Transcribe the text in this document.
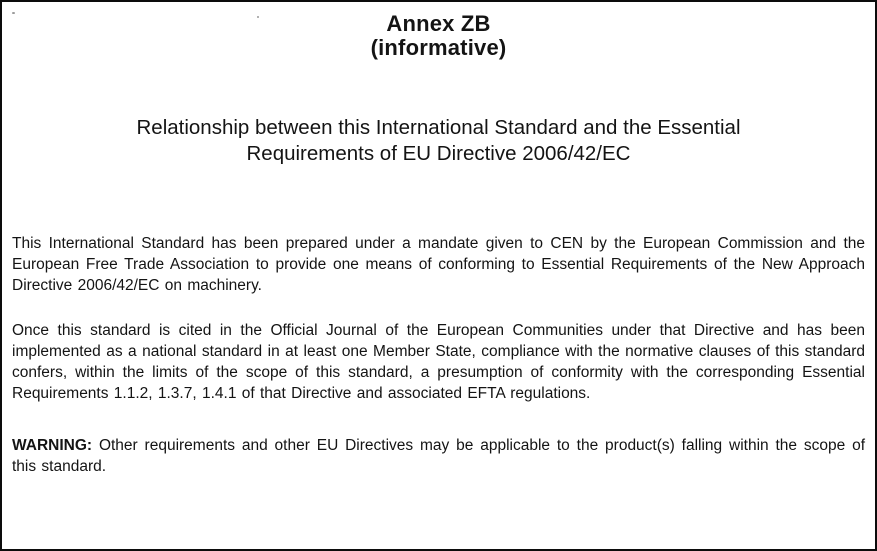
Annex ZB
(informative)
Relationship between this International Standard and the Essential
Requirements of EU Directive 2006/42/EC

This International Standard has been prepared under a mandate given to CEN by the European Commission and the European Free Trade Association to provide one means of conforming to Essential Requirements of the New Approach Directive 2006/42/EC on machinery.

Once this standard is cited in the Official Journal of the European Communities under that Directive and has been implemented as a national standard in at least one Member State, compliance with the normative clauses of this standard confers, within the limits of the scope of this standard, a presumption of conformity with the corresponding Essential Requirements 1.1.2, 1.3.7, 1.4.1 of that Directive and associated EFTA regulations.

WARNING: Other requirements and other EU Directives may be applicable to the product(s) falling within the scope of this standard.
